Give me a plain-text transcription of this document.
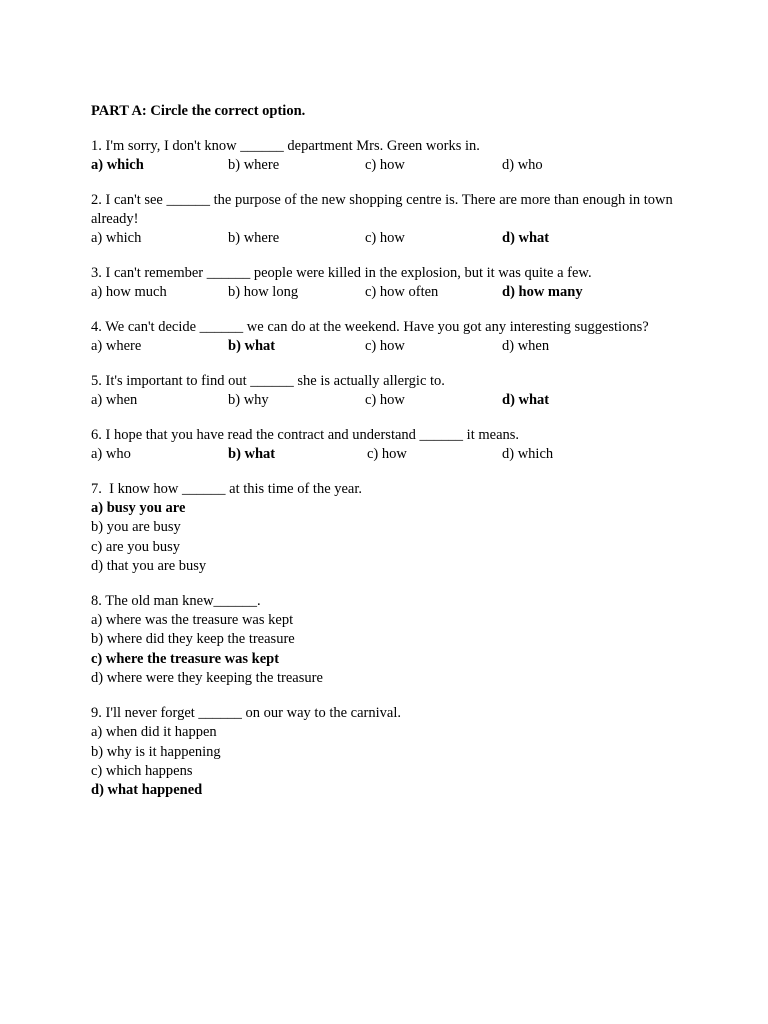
PART A: Circle the correct option.
1. I'm sorry, I don't know ______ department Mrs. Green works in.
a) which	b) where	c) how	d) who
2. I can't see ______ the purpose of the new shopping centre is. There are more than enough in town already!
a) which	b) where	c) how	d) what
3. I can't remember ______ people were killed in the explosion, but it was quite a few.
a) how much	b) how long	c) how often	d) how many
4. We can't decide ______ we can do at the weekend. Have you got any interesting suggestions?
a) where	b) what	c) how	d) when
5. It's important to find out ______ she is actually allergic to.
a) when	b) why	c) how	d) what
6. I hope that you have read the contract and understand ______ it means.
a) who	b) what	c) how	d) which
7.  I know how ______ at this time of the year.
a) busy you are
b) you are busy
c) are you busy
d) that you are busy
8. The old man knew______.
a) where was the treasure was kept
b) where did they keep the treasure
c) where the treasure was kept
d) where were they keeping the treasure
9. I'll never forget ______ on our way to the carnival.
a) when did it happen
b) why is it happening
c) which happens
d) what happened
